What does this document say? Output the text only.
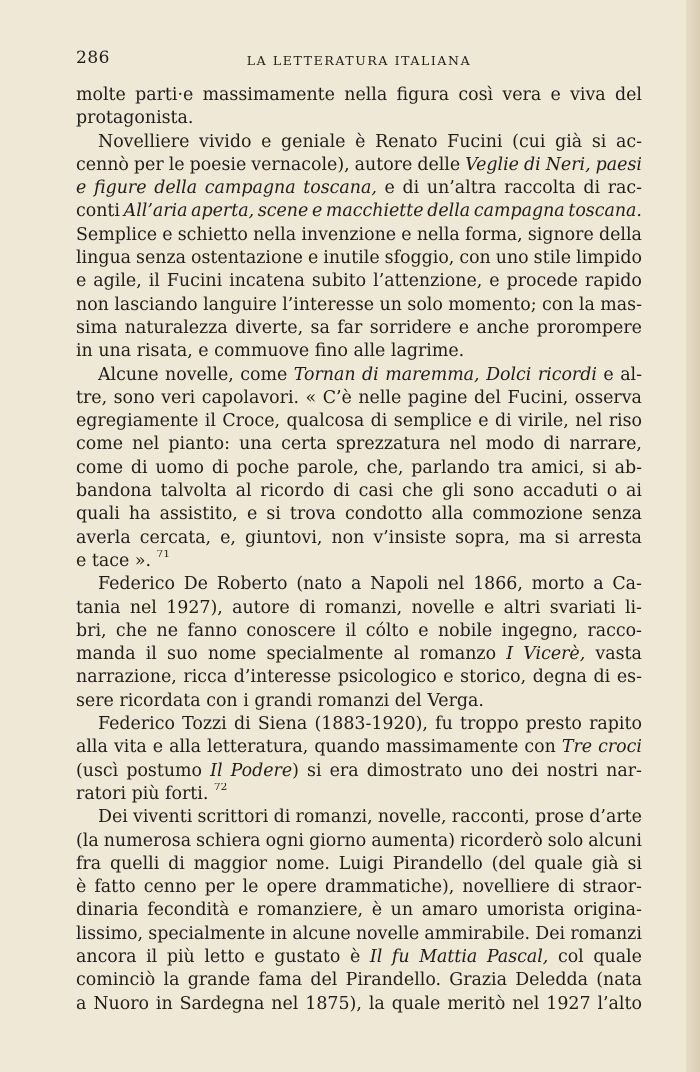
286	LA LETTERATURA ITALIANA
molte parti·e massimamente nella figura così vera e viva del
protagonista.
Novelliere vivido e geniale è Renato Fucini (cui già si ac-
cennò per le poesie vernacole), autore delle Veglie di Neri, paesi
e figure della campagna toscana, e di un’altra raccolta di rac-
conti All’aria aperta, scene e macchiette della campagna toscana.
Semplice e schietto nella invenzione e nella forma, signore della
lingua senza ostentazione e inutile sfoggio, con uno stile limpido
e agile, il Fucini incatena subito l’attenzione, e procede rapido
non lasciando languire l’interesse un solo momento; con la mas-
sima naturalezza diverte, sa far sorridere e anche prorompere
in una risata, e commuove fino alle lagrime.
Alcune novelle, come Tornan di maremma, Dolci ricordi e al-
tre, sono veri capolavori. « C’è nelle pagine del Fucini, osserva
egregiamente il Croce, qualcosa di semplice e di virile, nel riso
come nel pianto: una certa sprezzatura nel modo di narrare,
come di uomo di poche parole, che, parlando tra amici, si ab-
bandona talvolta al ricordo di casi che gli sono accaduti o ai
quali ha assistito, e si trova condotto alla commozione senza
averla cercata, e, giuntovi, non v’insiste sopra, ma si arresta
e tace ». $^{71}$
Federico De Roberto (nato a Napoli nel 1866, morto a Ca-
tania nel 1927), autore di romanzi, novelle e altri svariati li-
bri, che ne fanno conoscere il cólto e nobile ingegno, racco-
manda il suo nome specialmente al romanzo I Vicerè, vasta
narrazione, ricca d’interesse psicologico e storico, degna di es-
sere ricordata con i grandi romanzi del Verga.
Federico Tozzi di Siena (1883-1920), fu troppo presto rapito
alla vita e alla letteratura, quando massimamente con Tre croci
(uscì postumo Il Podere) si era dimostrato uno dei nostri nar-
ratori più forti. $^{72}$
Dei viventi scrittori di romanzi, novelle, racconti, prose d’arte
(la numerosa schiera ogni giorno aumenta) ricorderò solo alcuni
fra quelli di maggior nome. Luigi Pirandello (del quale già si
è fatto cenno per le opere drammatiche), novelliere di straor-
dinaria fecondità e romanziere, è un amaro umorista origina-
lissimo, specialmente in alcune novelle ammirabile. Dei romanzi
ancora il più letto e gustato è Il fu Mattia Pascal, col quale
cominciò la grande fama del Pirandello. Grazia Deledda (nata
a Nuoro in Sardegna nel 1875), la quale meritò nel 1927 l’alto
